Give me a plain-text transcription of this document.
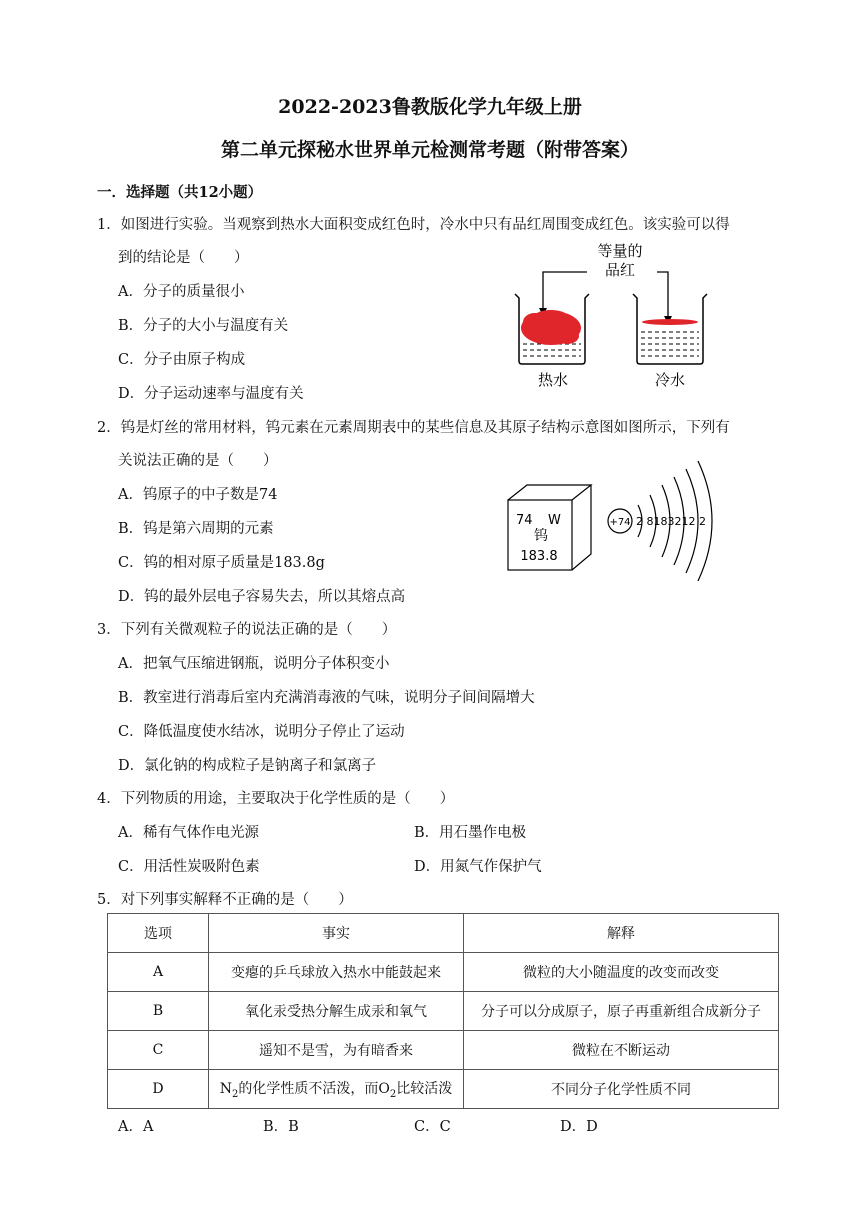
2022-2023鲁教版化学九年级上册
第二单元探秘水世界单元检测常考题（附带答案）
一．选择题（共12小题）
1．如图进行实验。当观察到热水大面积变成红色时，冷水中只有品红周围变成红色。该实验可以得
到的结论是（　　）
A．分子的质量很小
B．分子的大小与温度有关
C．分子由原子构成
D．分子运动速率与温度有关
等量的
品红
热水	冷水
2．钨是灯丝的常用材料，钨元素在元素周期表中的某些信息及其原子结构示意图如图所示，下列有
关说法正确的是（　　）
A．钨原子的中子数是74
B．钨是第六周期的元素
C．钨的相对原子质量是183.8g
D．钨的最外层电子容易失去，所以其熔点高
74 W
钨
183.8
+74 2 8183212 2
3．下列有关微观粒子的说法正确的是（　　）
A．把氧气压缩进钢瓶，说明分子体积变小
B．教室进行消毒后室内充满消毒液的气味，说明分子间间隔增大
C．降低温度使水结冰，说明分子停止了运动
D．氯化钠的构成粒子是钠离子和氯离子
4．下列物质的用途，主要取决于化学性质的是（　　）
A．稀有气体作电光源	B．用石墨作电极
C．用活性炭吸附色素	D．用氮气作保护气
5．对下列事实解释不正确的是（　　）
选项	事实	解释
A	变瘪的乒乓球放入热水中能鼓起来	微粒的大小随温度的改变而改变
B	氧化汞受热分解生成汞和氧气	分子可以分成原子，原子再重新组合成新分子
C	遥知不是雪，为有暗香来	微粒在不断运动
D	$N_2$的化学性质不活泼，而$O_2$比较活泼	不同分子化学性质不同
A．A	B．B	C．C	D．D
